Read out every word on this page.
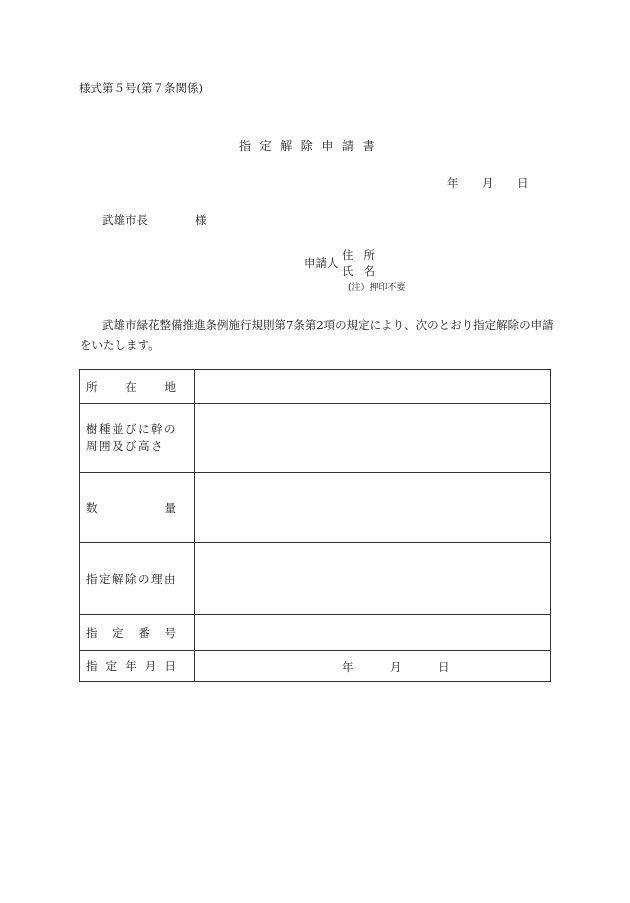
様式第５号(第７条関係)
指定解除申請書
年 月 日
武雄市長	様
申請人
住所
氏名
(注）押印不要
武雄市緑花整備推進条例施行規則第7条第2項の規定により、次のとおり指定解除の申請をいたします。
所 在 地	

樹種並びに幹の
周囲及び高さ	

数 量	

指定解除の理由	

指 定 番 号	

指 定 年 月 日	年 月 日
